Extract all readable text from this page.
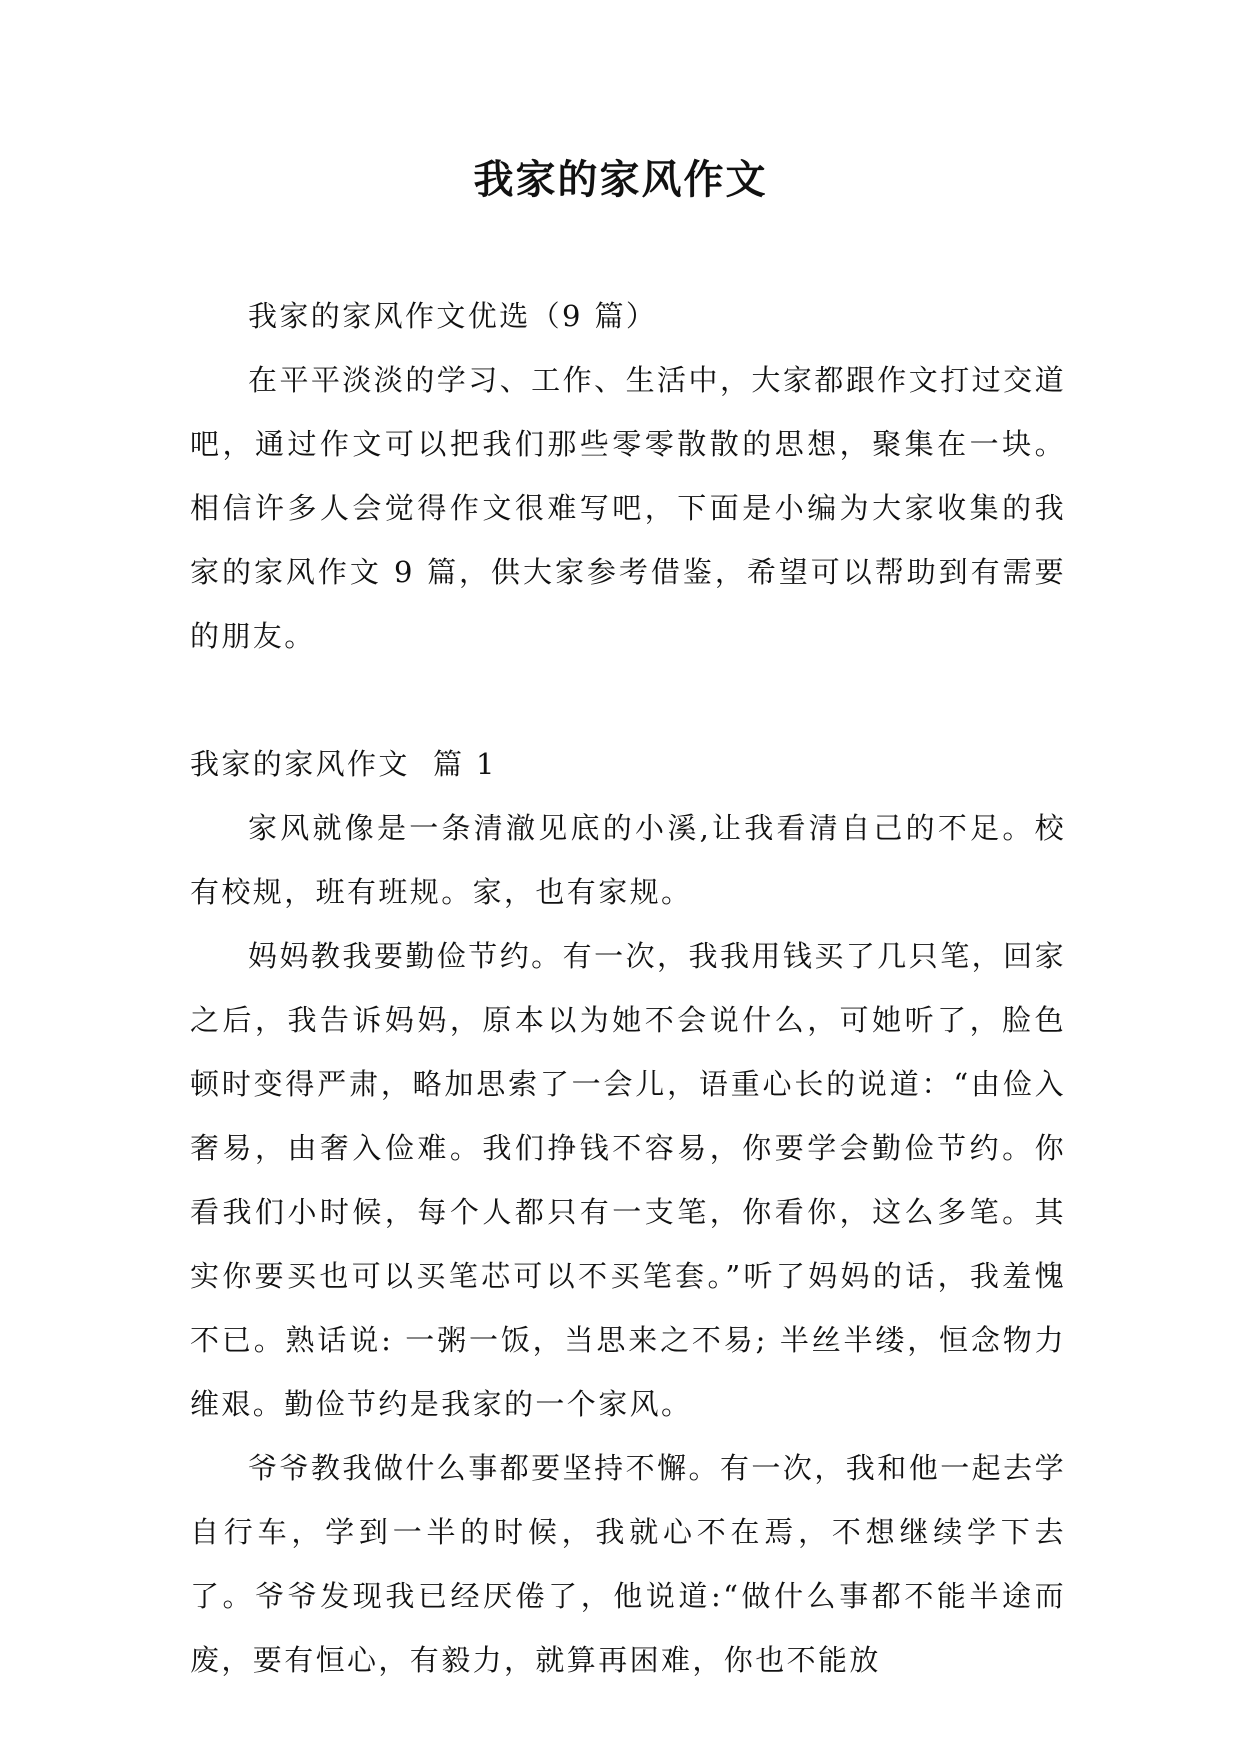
我家的家风作文

我家的家风作文优选（9 篇）

在平平淡淡的学习、工作、生活中，大家都跟作文打过交道吧，通过作文可以把我们那些零零散散的思想，聚集在一块。相信许多人会觉得作文很难写吧，下面是小编为大家收集的我家的家风作文 9 篇，供大家参考借鉴，希望可以帮助到有需要的朋友。

我家的家风作文  篇 1

家风就像是一条清澈见底的小溪,让我看清自己的不足。校有校规，班有班规。家，也有家规。

妈妈教我要勤俭节约。有一次，我我用钱买了几只笔，回家之后，我告诉妈妈，原本以为她不会说什么，可她听了，脸色顿时变得严肃，略加思索了一会儿，语重心长的说道：“由俭入奢易，由奢入俭难。我们挣钱不容易，你要学会勤俭节约。你看我们小时候，每个人都只有一支笔，你看你，这么多笔。其实你要买也可以买笔芯可以不买笔套。”听了妈妈的话，我羞愧不已。熟话说: 一粥一饭，当思来之不易; 半丝半缕，恒念物力维艰。勤俭节约是我家的一个家风。

爷爷教我做什么事都要坚持不懈。有一次，我和他一起去学自行车，学到一半的时候，我就心不在焉，不想继续学下去了。爷爷发现我已经厌倦了，他说道:“做什么事都不能半途而废，要有恒心，有毅力，就算再困难，你也不能放
